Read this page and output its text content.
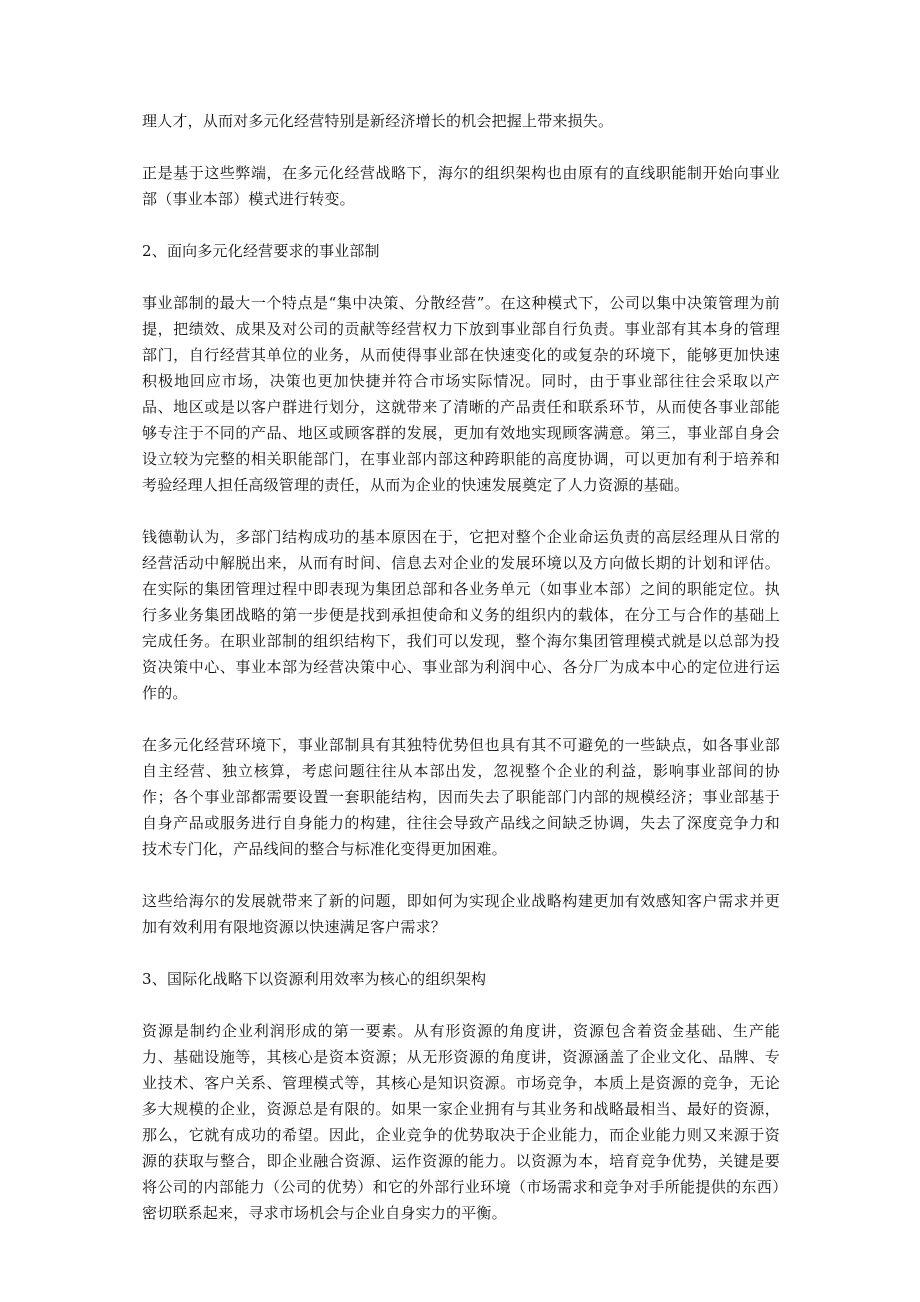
理人才，从而对多元化经营特别是新经济增长的机会把握上带来损失。

正是基于这些弊端，在多元化经营战略下，海尔的组织架构也由原有的直线职能制开始向事业部（事业本部）模式进行转变。

2、面向多元化经营要求的事业部制

事业部制的最大一个特点是“集中决策、分散经营”。在这种模式下，公司以集中决策管理为前提，把绩效、成果及对公司的贡献等经营权力下放到事业部自行负责。事业部有其本身的管理部门，自行经营其单位的业务，从而使得事业部在快速变化的或复杂的环境下，能够更加快速积极地回应市场，决策也更加快捷并符合市场实际情况。同时，由于事业部往往会采取以产品、地区或是以客户群进行划分，这就带来了清晰的产品责任和联系环节，从而使各事业部能够专注于不同的产品、地区或顾客群的发展，更加有效地实现顾客满意。第三，事业部自身会设立较为完整的相关职能部门，在事业部内部这种跨职能的高度协调，可以更加有利于培养和考验经理人担任高级管理的责任，从而为企业的快速发展奠定了人力资源的基础。

钱德勒认为，多部门结构成功的基本原因在于，它把对整个企业命运负责的高层经理从日常的经营活动中解脱出来，从而有时间、信息去对企业的发展环境以及方向做长期的计划和评估。在实际的集团管理过程中即表现为集团总部和各业务单元（如事业本部）之间的职能定位。执行多业务集团战略的第一步便是找到承担使命和义务的组织内的载体，在分工与合作的基础上完成任务。在职业部制的组织结构下，我们可以发现，整个海尔集团管理模式就是以总部为投资决策中心、事业本部为经营决策中心、事业部为利润中心、各分厂为成本中心的定位进行运作的。

在多元化经营环境下，事业部制具有其独特优势但也具有其不可避免的一些缺点，如各事业部自主经营、独立核算，考虑问题往往从本部出发，忽视整个企业的利益，影响事业部间的协作；各个事业部都需要设置一套职能结构，因而失去了职能部门内部的规模经济；事业部基于自身产品或服务进行自身能力的构建，往往会导致产品线之间缺乏协调，失去了深度竞争力和技术专门化，产品线间的整合与标准化变得更加困难。

这些给海尔的发展就带来了新的问题，即如何为实现企业战略构建更加有效感知客户需求并更加有效利用有限地资源以快速满足客户需求？

3、国际化战略下以资源利用效率为核心的组织架构

资源是制约企业利润形成的第一要素。从有形资源的角度讲，资源包含着资金基础、生产能力、基础设施等，其核心是资本资源；从无形资源的角度讲，资源涵盖了企业文化、品牌、专业技术、客户关系、管理模式等，其核心是知识资源。市场竞争，本质上是资源的竞争，无论多大规模的企业，资源总是有限的。如果一家企业拥有与其业务和战略最相当、最好的资源，那么，它就有成功的希望。因此，企业竞争的优势取决于企业能力，而企业能力则又来源于资源的获取与整合，即企业融合资源、运作资源的能力。以资源为本，培育竞争优势，关键是要将公司的内部能力（公司的优势）和它的外部行业环境（市场需求和竞争对手所能提供的东西）密切联系起来，寻求市场机会与企业自身实力的平衡。
